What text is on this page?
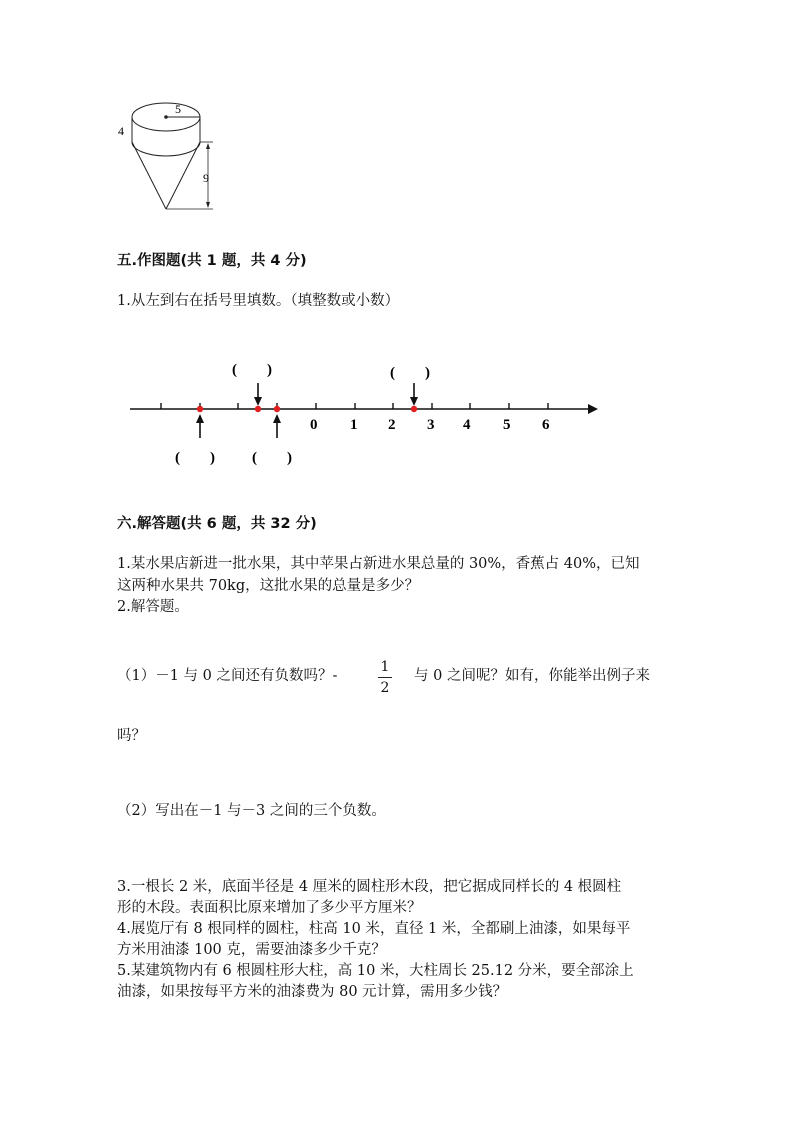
5
4
9
五.作图题(共 1 题，共 4 分)
1.从左到右在括号里填数。（填整数或小数）
0 1 2 3 4 5 6
(　　)	(　　)
(　　) (　　)
六.解答题(共 6 题，共 32 分)
1.某水果店新进一批水果，其中苹果占新进水果总量的 30%，香蕉占 40%，已知
这两种水果共 70kg，这批水果的总量是多少？
2.解答题。
（1）－1 与 0 之间还有负数吗？-
1
2
与 0 之间呢？如有，你能举出例子来
吗？
（2）写出在－1 与－3 之间的三个负数。
3.一根长 2 米，底面半径是 4 厘米的圆柱形木段，把它据成同样长的 4 根圆柱
形的木段。表面积比原来增加了多少平方厘米？
4.展览厅有 8 根同样的圆柱，柱高 10 米，直径 1 米，全都刷上油漆，如果每平
方米用油漆 100 克，需要油漆多少千克？
5.某建筑物内有 6 根圆柱形大柱，高 10 米，大柱周长 25.12 分米，要全部涂上
油漆，如果按每平方米的油漆费为 80 元计算，需用多少钱？
